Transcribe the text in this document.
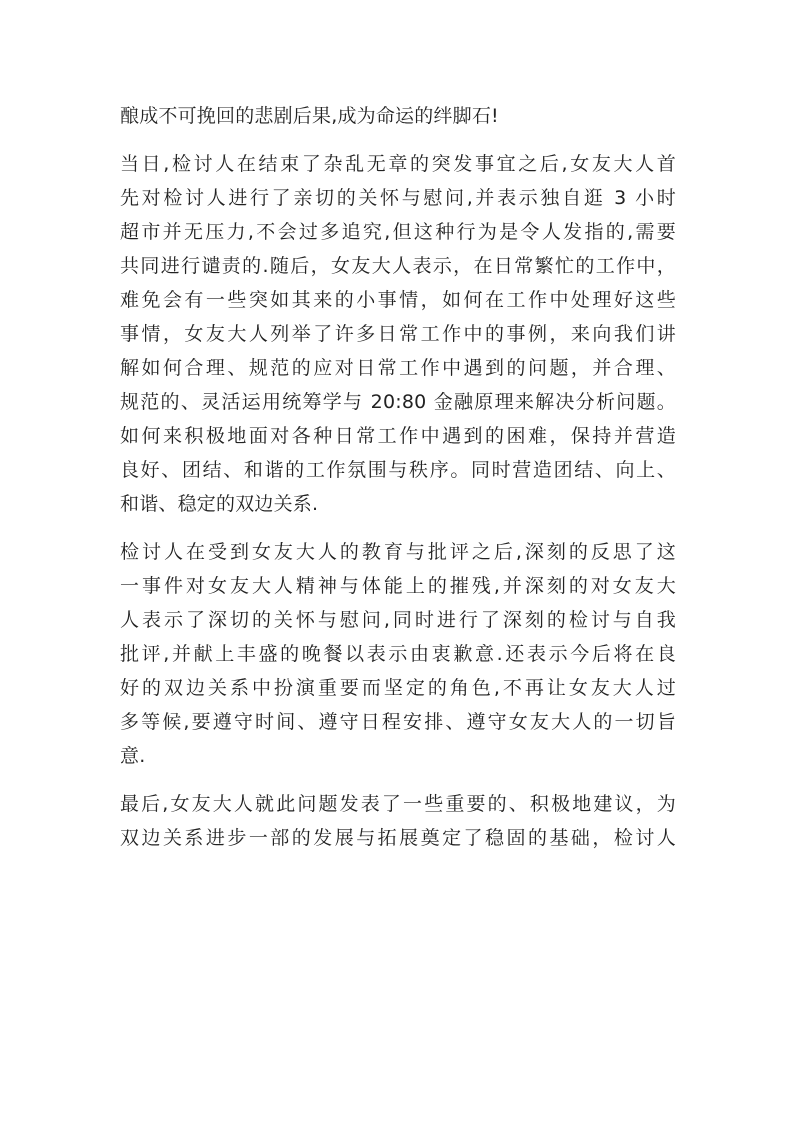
酿成不可挽回的悲剧后果,成为命运的绊脚石!
当日,检讨人在结束了杂乱无章的突发事宜之后,女友大人首
先对检讨人进行了亲切的关怀与慰问,并表示独自逛 3 小时
超市并无压力,不会过多追究,但这种行为是令人发指的,需要
共同进行谴责的.随后，女友大人表示，在日常繁忙的工作中，
难免会有一些突如其来的小事情，如何在工作中处理好这些
事情，女友大人列举了许多日常工作中的事例，来向我们讲
解如何合理、规范的应对日常工作中遇到的问题，并合理、
规范的、灵活运用统筹学与 20:80 金融原理来解决分析问题。
如何来积极地面对各种日常工作中遇到的困难，保持并营造
良好、团结、和谐的工作氛围与秩序。同时营造团结、向上、
和谐、稳定的双边关系.
检讨人在受到女友大人的教育与批评之后,深刻的反思了这
一事件对女友大人精神与体能上的摧残,并深刻的对女友大
人表示了深切的关怀与慰问,同时进行了深刻的检讨与自我
批评,并献上丰盛的晚餐以表示由衷歉意.还表示今后将在良
好的双边关系中扮演重要而坚定的角色,不再让女友大人过
多等候,要遵守时间、遵守日程安排、遵守女友大人的一切旨
意.
最后,女友大人就此问题发表了一些重要的、积极地建议，为
双边关系进步一部的发展与拓展奠定了稳固的基础，检讨人
